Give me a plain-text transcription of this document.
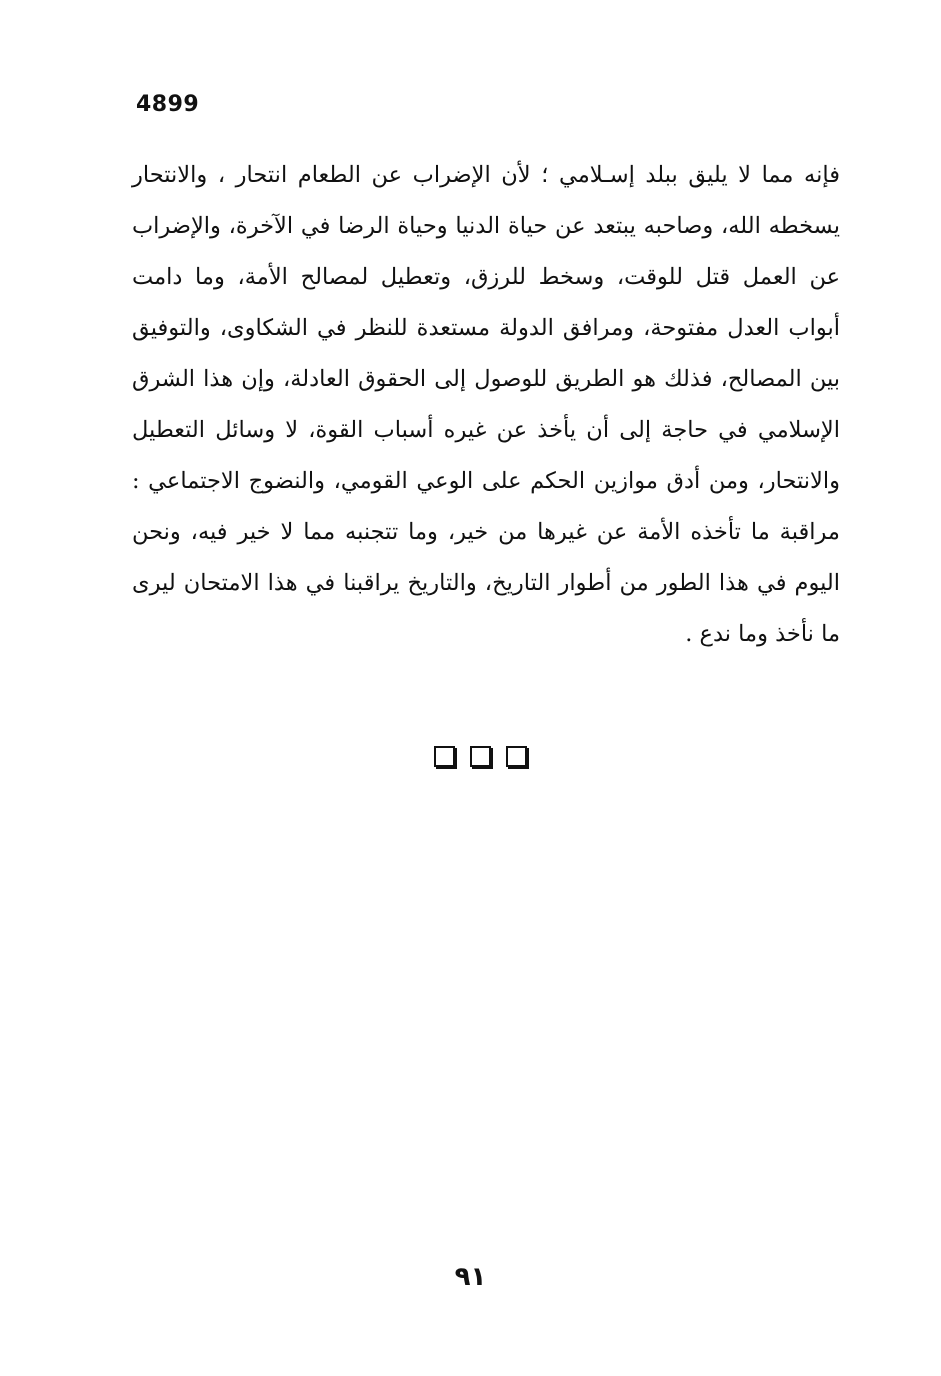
4899
فإنه مما لا يليق ببلد إسـلامي ؛ لأن الإضراب عن الطعام انتحار ، والانتحار
يسخطه الله، وصاحبه يبتعد عن حياة الدنيا وحياة الرضا في الآخرة، والإضراب
عن العمل قتل للوقت، وسخط للرزق، وتعطيل لمصالح الأمة، وما دامت
أبواب العدل مفتوحة، ومرافق الدولة مستعدة للنظر في الشكاوى، والتوفيق
بين المصالح، فذلك هو الطريق للوصول إلى الحقوق العادلة، وإن هذا الشرق
الإسلامي في حاجة إلى أن يأخذ عن غيره أسباب القوة، لا وسائل التعطيل
والانتحار، ومن أدق موازين الحكم على الوعي القومي، والنضوج الاجتماعي :
مراقبة ما تأخذه الأمة عن غيرها من خير، وما تتجنبه مما لا خير فيه، ونحن
اليوم في هذا الطور من أطوار التاريخ، والتاريخ يراقبنا في هذا الامتحان ليرى
ما نأخذ وما ندع .
٩١
